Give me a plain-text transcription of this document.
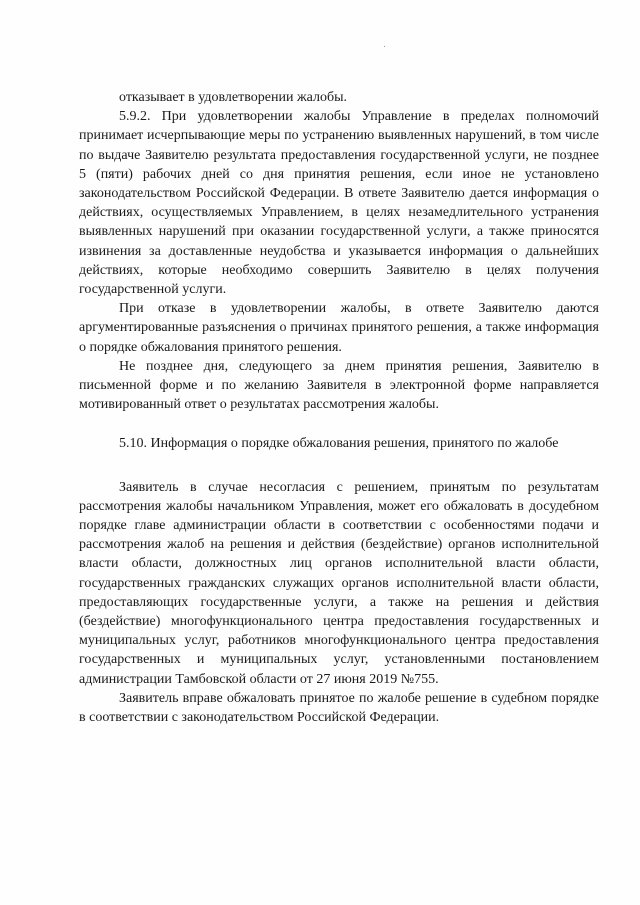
отказывает в удовлетворении жалобы.

5.9.2. При удовлетворении жалобы Управление в пределах полномочий принимает исчерпывающие меры по устранению выявленных нарушений, в том числе по выдаче Заявителю результата предоставления государственной услуги, не позднее 5 (пяти) рабочих дней со дня принятия решения, если иное не установлено законодательством Российской Федерации. В ответе Заявителю дается информация о действиях, осуществляемых Управлением, в целях незамедлительного устранения выявленных нарушений при оказании государственной услуги, а также приносятся извинения за доставленные неудобства и указывается информация о дальнейших действиях, которые необходимо совершить Заявителю в целях получения государственной услуги.

При отказе в удовлетворении жалобы, в ответе Заявителю даются аргументированные разъяснения о причинах принятого решения, а также информация о порядке обжалования принятого решения.

Не позднее дня, следующего за днем принятия решения, Заявителю в письменной форме и по желанию Заявителя в электронной форме направляется мотивированный ответ о результатах рассмотрения жалобы.

5.10. Информация о порядке обжалования решения, принятого по жалобе

Заявитель в случае несогласия с решением, принятым по результатам рассмотрения жалобы начальником Управления, может его обжаловать в досудебном порядке главе администрации области в соответствии с особенностями подачи и рассмотрения жалоб на решения и действия (бездействие) органов исполнительной власти области, должностных лиц органов исполнительной власти области, государственных гражданских служащих органов исполнительной власти области, предоставляющих государственные услуги, а также на решения и действия (бездействие) многофункционального центра предоставления государственных и муниципальных услуг, работников многофункционального центра предоставления государственных и муниципальных услуг, установленными постановлением администрации Тамбовской области от 27 июня 2019 №755.

Заявитель вправе обжаловать принятое по жалобе решение в судебном порядке в соответствии с законодательством Российской Федерации.
